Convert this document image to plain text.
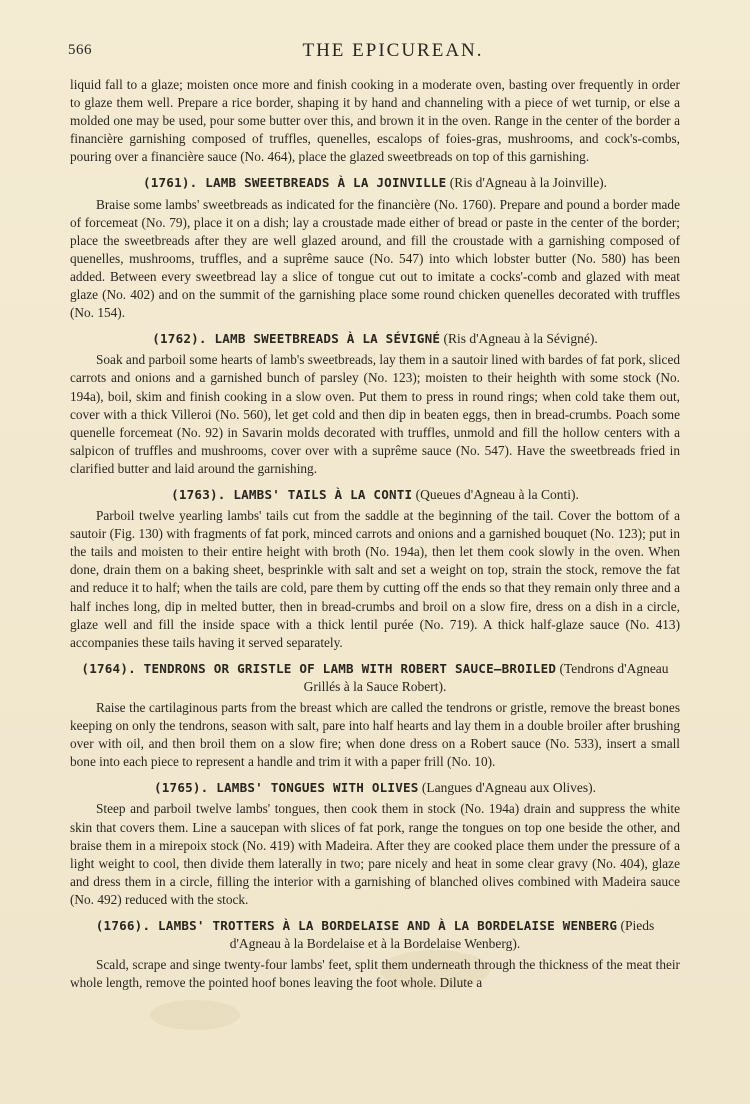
566	THE EPICUREAN.

liquid fall to a glaze; moisten once more and finish cooking in a moderate oven, basting over frequently in order to glaze them well. Prepare a rice border, shaping it by hand and channeling with a piece of wet turnip, or else a molded one may be used, pour some butter over this, and brown it in the oven. Range in the center of the border a financière garnishing composed of truffles, quenelles, escalops of foies-gras, mushrooms, and cock's-combs, pouring over a financière sauce (No. 464), place the glazed sweetbreads on top of this garnishing.

(1761). LAMB SWEETBREADS À LA JOINVILLE (Ris d'Agneau à la Joinville).

Braise some lambs' sweetbreads as indicated for the financière (No. 1760). Prepare and pound a border made of forcemeat (No. 79), place it on a dish; lay a croustade made either of bread or paste in the center of the border; place the sweetbreads after they are well glazed around, and fill the croustade with a garnishing composed of quenelles, mushrooms, truffles, and a suprême sauce (No. 547) into which lobster butter (No. 580) has been added. Between every sweetbread lay a slice of tongue cut out to imitate a cocks'-comb and glazed with meat glaze (No. 402) and on the summit of the garnishing place some round chicken quenelles decorated with truffles (No. 154).

(1762). LAMB SWEETBREADS À LA SÉVIGNÉ (Ris d'Agneau à la Sévigné).

Soak and parboil some hearts of lamb's sweetbreads, lay them in a sautoir lined with bardes of fat pork, sliced carrots and onions and a garnished bunch of parsley (No. 123); moisten to their heighth with some stock (No. 194a), boil, skim and finish cooking in a slow oven. Put them to press in round rings; when cold take them out, cover with a thick Villeroi (No. 560), let get cold and then dip in beaten eggs, then in bread-crumbs. Poach some quenelle forcemeat (No. 92) in Savarin molds decorated with truffles, unmold and fill the hollow centers with a salpicon of truffles and mushrooms, cover over with a suprême sauce (No. 547). Have the sweetbreads fried in clarified butter and laid around the garnishing.

(1763). LAMBS' TAILS À LA CONTI (Queues d'Agneau à la Conti).

Parboil twelve yearling lambs' tails cut from the saddle at the beginning of the tail. Cover the bottom of a sautoir (Fig. 130) with fragments of fat pork, minced carrots and onions and a garnished bouquet (No. 123); put in the tails and moisten to their entire height with broth (No. 194a), then let them cook slowly in the oven. When done, drain them on a baking sheet, besprinkle with salt and set a weight on top, strain the stock, remove the fat and reduce it to half; when the tails are cold, pare them by cutting off the ends so that they remain only three and a half inches long, dip in melted butter, then in bread-crumbs and broil on a slow fire, dress on a dish in a circle, glaze well and fill the inside space with a thick lentil purée (No. 719). A thick half-glaze sauce (No. 413) accompanies these tails having it served separately.

(1764). TENDRONS OR GRISTLE OF LAMB WITH ROBERT SAUCE—BROILED (Tendrons d'Agneau Grillés à la Sauce Robert).

Raise the cartilaginous parts from the breast which are called the tendrons or gristle, remove the breast bones keeping on only the tendrons, season with salt, pare into half hearts and lay them in a double broiler after brushing over with oil, and then broil them on a slow fire; when done dress on a Robert sauce (No. 533), insert a small bone into each piece to represent a handle and trim it with a paper frill (No. 10).

(1765). LAMBS' TONGUES WITH OLIVES (Langues d'Agneau aux Olives).

Steep and parboil twelve lambs' tongues, then cook them in stock (No. 194a) drain and suppress the white skin that covers them. Line a saucepan with slices of fat pork, range the tongues on top one beside the other, and braise them in a mirepoix stock (No. 419) with Madeira. After they are cooked place them under the pressure of a light weight to cool, then divide them laterally in two; pare nicely and heat in some clear gravy (No. 404), glaze and dress them in a circle, filling the interior with a garnishing of blanched olives combined with Madeira sauce (No. 492) reduced with the stock.

(1766). LAMBS' TROTTERS À LA BORDELAISE AND À LA BORDELAISE WENBERG (Pieds d'Agneau à la Bordelaise et à la Bordelaise Wenberg).

Scald, scrape and singe twenty-four lambs' feet, split them underneath through the thickness of the meat their whole length, remove the pointed hoof bones leaving the foot whole. Dilute a
